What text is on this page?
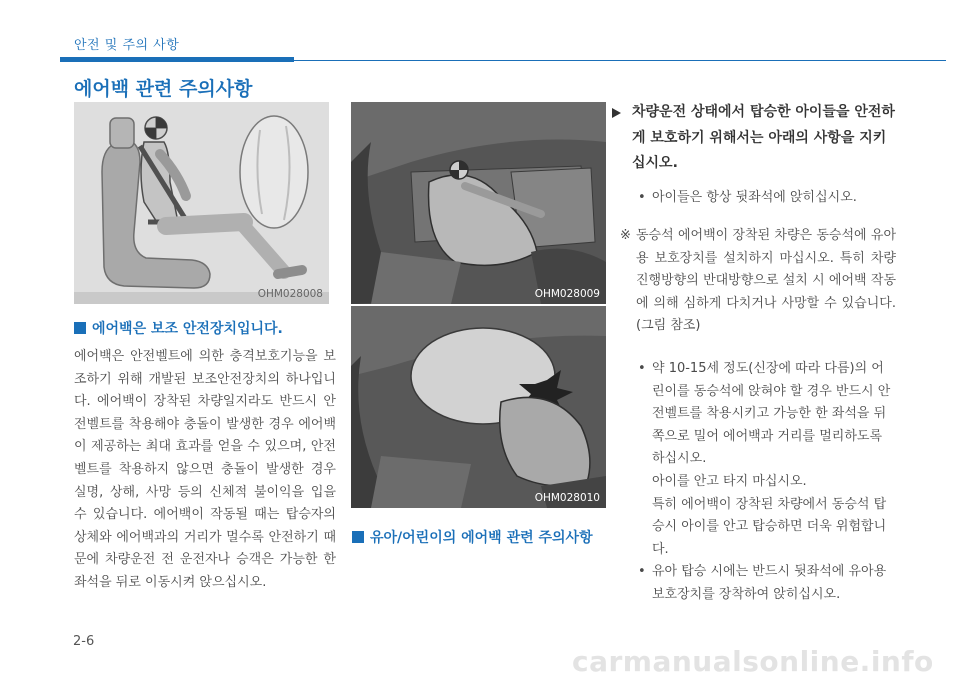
안전 및 주의 사항
에어백 관련 주의사항
OHM028008	OHM028009
OHM028010
에어백은 보조 안전장치입니다.
에어백은 안전벨트에 의한 충격보호기능을 보조하기 위해 개발된 보조안전장치의 하나입니다. 에어백이 장착된 차량일지라도 반드시 안전벨트를 착용해야 충돌이 발생한 경우 에어백이 제공하는 최대 효과를 얻을 수 있으며, 안전벨트를 착용하지 않으면 충돌이 발생한 경우 실명, 상해, 사망 등의 신체적 불이익을 입을 수 있습니다. 에어백이 작동될 때는 탑승자의 상체와 에어백과의 거리가 멀수록 안전하기 때문에 차량운전 전 운전자나 승객은 가능한 한 좌석을 뒤로 이동시켜 앉으십시오.
유아/어린이의 에어백 관련 주의사항
차량운전 상태에서 탑승한 아이들을 안전하게 보호하기 위해서는 아래의 사항을 지키십시오.
• 아이들은 항상 뒷좌석에 앉히십시오.
※ 동승석 에어백이 장착된 차량은 동승석에 유아용 보호장치를 설치하지 마십시오. 특히 차량 진행방향의 반대방향으로 설치 시 에어백 작동에 의해 심하게 다치거나 사망할 수 있습니다.(그림 참조)
• 약 10-15세 정도(신장에 따라 다름)의 어린이를 동승석에 앉혀야 할 경우 반드시 안전벨트를 착용시키고 가능한 한 좌석을 뒤쪽으로 밀어 에어백과 거리를 멀리하도록 하십시오.
아이를 안고 타지 마십시오.
특히 에어백이 장착된 차량에서 동승석 탑승시 아이를 안고 탑승하면 더욱 위험합니다.
• 유아 탑승 시에는 반드시 뒷좌석에 유아용 보호장치를 장착하여 앉히십시오.
2-6
carmanualsonline.info
